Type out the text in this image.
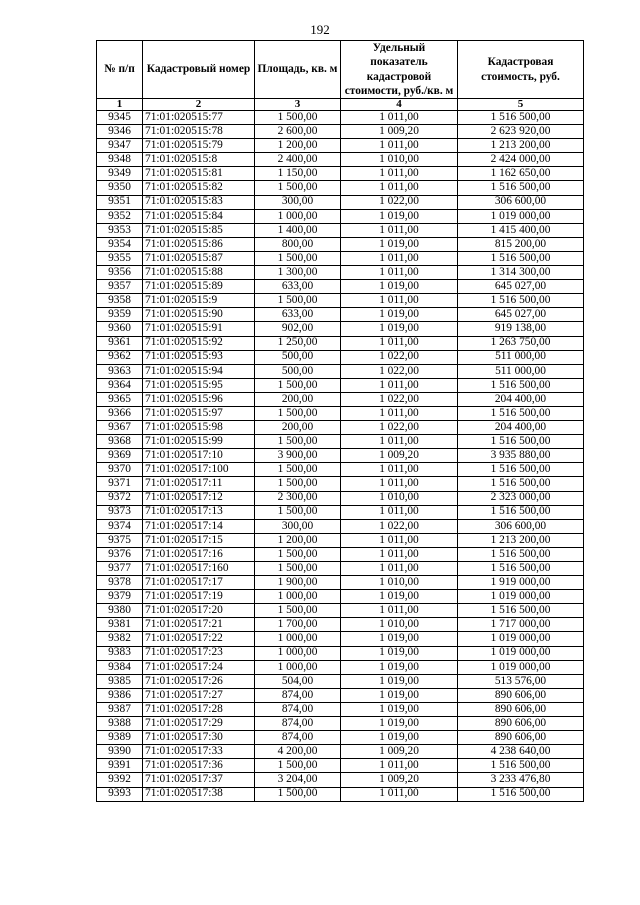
192
№ п/п	Кадастровый номер	Площадь, кв. м	Удельный показатель кадастровой стоимости, руб./кв. м	Кадастровая стоимость, руб.
1	2	3	4	5
9345	71:01:020515:77	1 500,00	1 011,00	1 516 500,00
9346	71:01:020515:78	2 600,00	1 009,20	2 623 920,00
9347	71:01:020515:79	1 200,00	1 011,00	1 213 200,00
9348	71:01:020515:8	2 400,00	1 010,00	2 424 000,00
9349	71:01:020515:81	1 150,00	1 011,00	1 162 650,00
9350	71:01:020515:82	1 500,00	1 011,00	1 516 500,00
9351	71:01:020515:83	300,00	1 022,00	306 600,00
9352	71:01:020515:84	1 000,00	1 019,00	1 019 000,00
9353	71:01:020515:85	1 400,00	1 011,00	1 415 400,00
9354	71:01:020515:86	800,00	1 019,00	815 200,00
9355	71:01:020515:87	1 500,00	1 011,00	1 516 500,00
9356	71:01:020515:88	1 300,00	1 011,00	1 314 300,00
9357	71:01:020515:89	633,00	1 019,00	645 027,00
9358	71:01:020515:9	1 500,00	1 011,00	1 516 500,00
9359	71:01:020515:90	633,00	1 019,00	645 027,00
9360	71:01:020515:91	902,00	1 019,00	919 138,00
9361	71:01:020515:92	1 250,00	1 011,00	1 263 750,00
9362	71:01:020515:93	500,00	1 022,00	511 000,00
9363	71:01:020515:94	500,00	1 022,00	511 000,00
9364	71:01:020515:95	1 500,00	1 011,00	1 516 500,00
9365	71:01:020515:96	200,00	1 022,00	204 400,00
9366	71:01:020515:97	1 500,00	1 011,00	1 516 500,00
9367	71:01:020515:98	200,00	1 022,00	204 400,00
9368	71:01:020515:99	1 500,00	1 011,00	1 516 500,00
9369	71:01:020517:10	3 900,00	1 009,20	3 935 880,00
9370	71:01:020517:100	1 500,00	1 011,00	1 516 500,00
9371	71:01:020517:11	1 500,00	1 011,00	1 516 500,00
9372	71:01:020517:12	2 300,00	1 010,00	2 323 000,00
9373	71:01:020517:13	1 500,00	1 011,00	1 516 500,00
9374	71:01:020517:14	300,00	1 022,00	306 600,00
9375	71:01:020517:15	1 200,00	1 011,00	1 213 200,00
9376	71:01:020517:16	1 500,00	1 011,00	1 516 500,00
9377	71:01:020517:160	1 500,00	1 011,00	1 516 500,00
9378	71:01:020517:17	1 900,00	1 010,00	1 919 000,00
9379	71:01:020517:19	1 000,00	1 019,00	1 019 000,00
9380	71:01:020517:20	1 500,00	1 011,00	1 516 500,00
9381	71:01:020517:21	1 700,00	1 010,00	1 717 000,00
9382	71:01:020517:22	1 000,00	1 019,00	1 019 000,00
9383	71:01:020517:23	1 000,00	1 019,00	1 019 000,00
9384	71:01:020517:24	1 000,00	1 019,00	1 019 000,00
9385	71:01:020517:26	504,00	1 019,00	513 576,00
9386	71:01:020517:27	874,00	1 019,00	890 606,00
9387	71:01:020517:28	874,00	1 019,00	890 606,00
9388	71:01:020517:29	874,00	1 019,00	890 606,00
9389	71:01:020517:30	874,00	1 019,00	890 606,00
9390	71:01:020517:33	4 200,00	1 009,20	4 238 640,00
9391	71:01:020517:36	1 500,00	1 011,00	1 516 500,00
9392	71:01:020517:37	3 204,00	1 009,20	3 233 476,80
9393	71:01:020517:38	1 500,00	1 011,00	1 516 500,00
